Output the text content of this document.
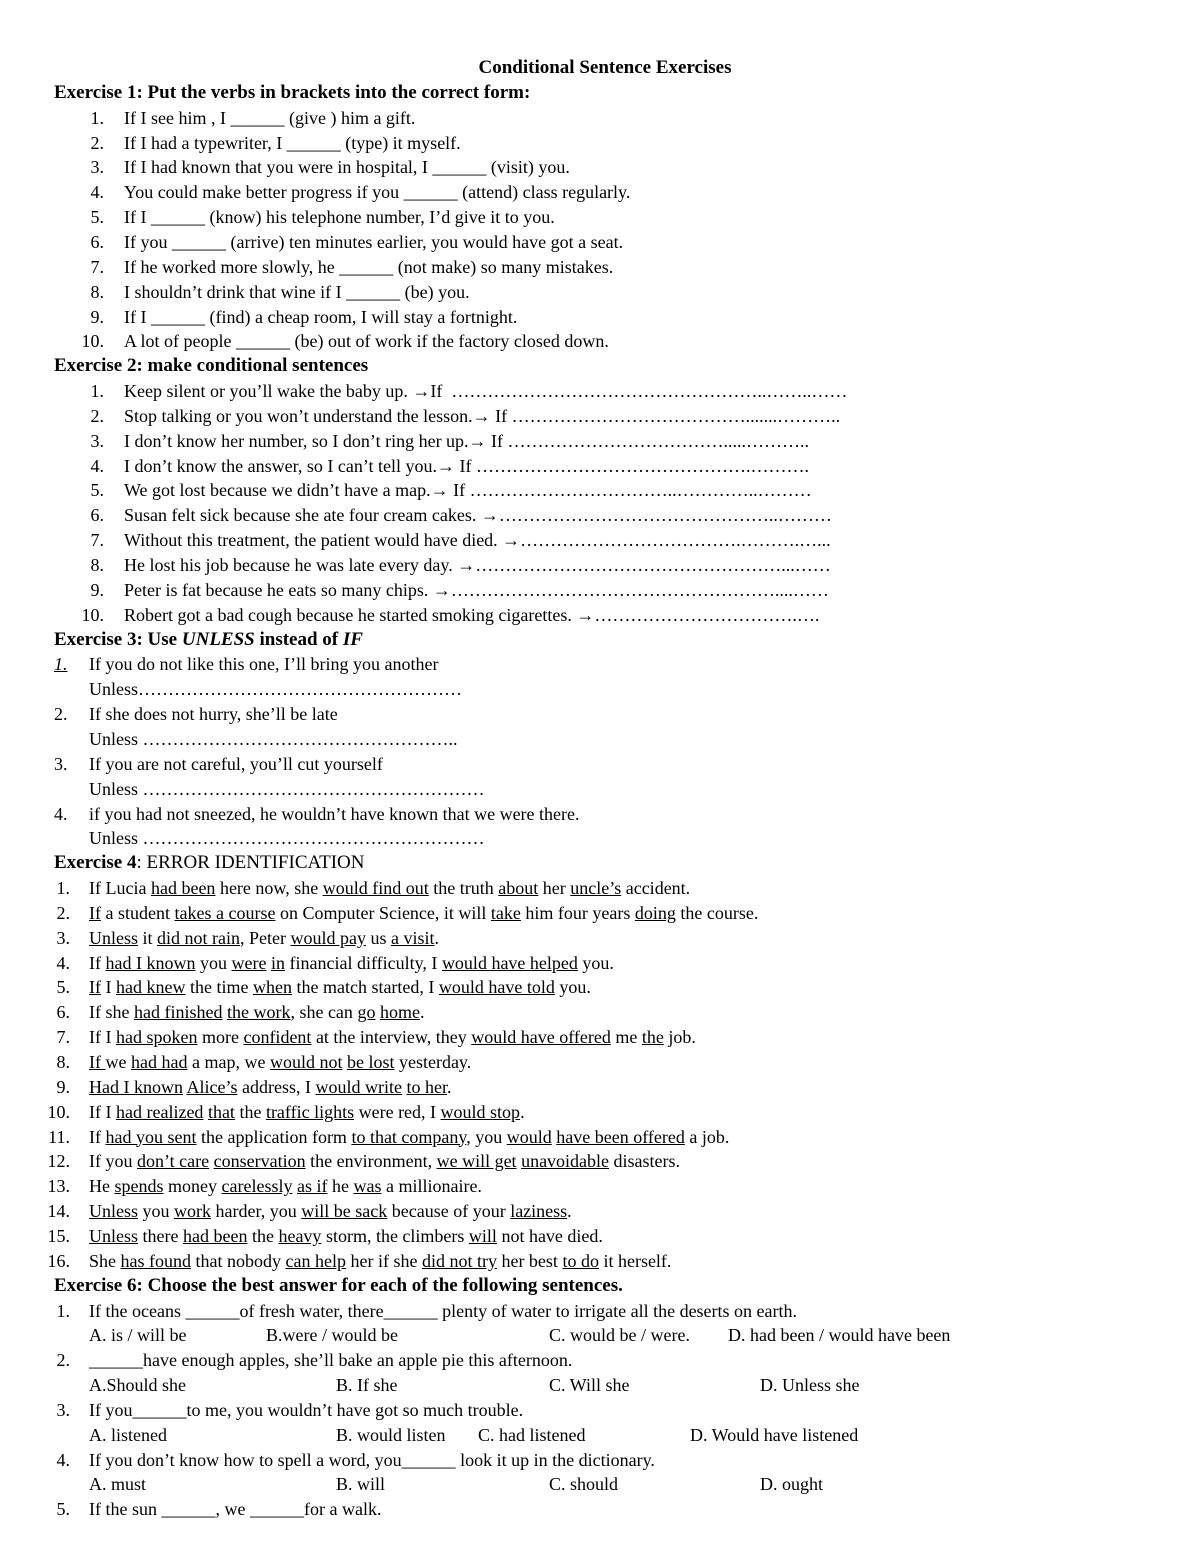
Conditional Sentence Exercises
Exercise 1: Put the verbs in brackets into the correct form:
1. If I see him , I ______ (give ) him a gift.
2. If I had a typewriter, I ______ (type) it myself.
3. If I had known that you were in hospital, I ______ (visit) you.
4. You could make better progress if you ______ (attend) class regularly.
5. If I ______ (know) his telephone number, I’d give it to you.
6. If you ______ (arrive) ten minutes earlier, you would have got a seat.
7. If he worked more slowly, he ______ (not make) so many mistakes.
8. I shouldn’t drink that wine if I ______ (be) you.
9. If I ______ (find) a cheap room, I will stay a fortnight.
10. A lot of people ______ (be) out of work if the factory closed down.
Exercise 2: make conditional sentences
1. Keep silent or you’ll wake the baby up. →If  ……………………………………………..……..……
2. Stop talking or you won’t understand the lesson.→ If ………………………………….......………..
3. I don’t know her number, so I don’t ring her up.→ If ……………………………….....………..
4. I don’t know the answer, so I can’t tell you.→ If ……………………………………….……….
5. We got lost because we didn’t have a map.→ If ……………………………..…………..………
6. Susan felt sick because she ate four cream cakes. →………………………………………..………
7. Without this treatment, the patient would have died. →……………………………….……….…...
8. He lost his job because he was late every day. →……………………………………………...……
9. Peter is fat because he eats so many chips. →………………………………………………....……
10. Robert got a bad cough because he started smoking cigarettes. →…………………………….….
Exercise 3: Use UNLESS instead of IF
1. If you do not like this one, I’ll bring you another
Unless………………………………………………
2. If she does not hurry, she’ll be late
Unless ……………………………………………..
3. If you are not careful, you’ll cut yourself
Unless …………………………………………………
4. if you had not sneezed, he wouldn’t have known that we were there.
Unless …………………………………………………
Exercise 4: ERROR IDENTIFICATION
1. If Lucia had been here now, she would find out the truth about her uncle’s accident.
2. If a student takes a course on Computer Science, it will take him four years doing the course.
3. Unless it did not rain, Peter would pay us a visit.
4. If had I known you were in financial difficulty, I would have helped you.
5. If I had knew the time when the match started, I would have told you.
6. If she had finished the work, she can go home.
7. If I had spoken more confident at the interview, they would have offered me the job.
8. If we had had a map, we would not be lost yesterday.
9. Had I known Alice’s address, I would write to her.
10. If I had realized that the traffic lights were red, I would stop.
11. If had you sent the application form to that company, you would have been offered a job.
12. If you don’t care conservation the environment, we will get unavoidable disasters.
13. He spends money carelessly as if he was a millionaire.
14. Unless you work harder, you will be sack because of your laziness.
15. Unless there had been the heavy storm, the climbers will not have died.
16. She has found that nobody can help her if she did not try her best to do it herself.
Exercise 6: Choose the best answer for each of the following sentences.
1. If the oceans ______of fresh water, there______ plenty of water to irrigate all the deserts on earth.
A. is / will be	B.were / would be	C. would be / were. D. had been / would have been
2. ______have enough apples, she’ll bake an apple pie this afternoon.
A.Should she	B. If she	C. Will she	D. Unless she
3. If you______to me, you wouldn’t have got so much trouble.
A. listened	B. would listen C. had listened	D. Would have listened
4. If you don’t know how to spell a word, you______ look it up in the dictionary.
A. must	B. will	C. should	D. ought
5. If the sun ______, we ______for a walk.
